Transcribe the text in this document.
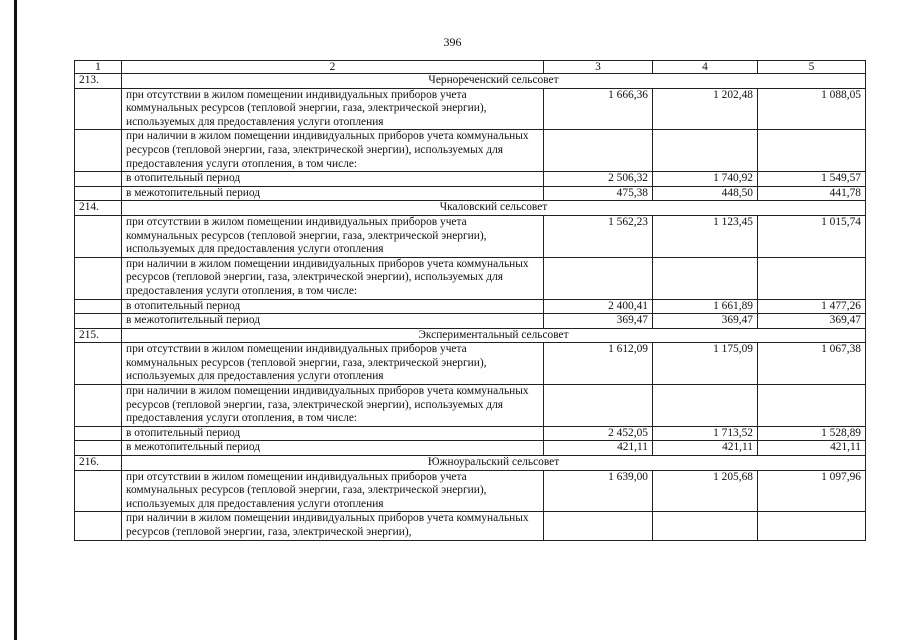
396
1	2	3	4	5
213.	Чернореченский сельсовет			
	при отсутствии в жилом помещении индивидуальных приборов учета коммунальных ресурсов (тепловой энергии, газа, электрической энергии), используемых для предоставления услуги отопления	1 666,36	1 202,48	1 088,05
	при наличии в жилом помещении индивидуальных приборов учета коммунальных ресурсов (тепловой энергии, газа, электрической энергии), используемых для предоставления услуги отопления, в том числе:			
	в отопительный период	2 506,32	1 740,92	1 549,57
	в межотопительный период	475,38	448,50	441,78
214.	Чкаловский сельсовет			
	при отсутствии в жилом помещении индивидуальных приборов учета коммунальных ресурсов (тепловой энергии, газа, электрической энергии), используемых для предоставления услуги отопления	1 562,23	1 123,45	1 015,74
	при наличии в жилом помещении индивидуальных приборов учета коммунальных ресурсов (тепловой энергии, газа, электрической энергии), используемых для предоставления услуги отопления, в том числе:			
	в отопительный период	2 400,41	1 661,89	1 477,26
	в межотопительный период	369,47	369,47	369,47
215.	Экспериментальный сельсовет			
	при отсутствии в жилом помещении индивидуальных приборов учета коммунальных ресурсов (тепловой энергии, газа, электрической энергии), используемых для предоставления услуги отопления	1 612,09	1 175,09	1 067,38
	при наличии в жилом помещении индивидуальных приборов учета коммунальных ресурсов (тепловой энергии, газа, электрической энергии), используемых для предоставления услуги отопления, в том числе:			
	в отопительный период	2 452,05	1 713,52	1 528,89
	в межотопительный период	421,11	421,11	421,11
216.	Южноуральский сельсовет			
	при отсутствии в жилом помещении индивидуальных приборов учета коммунальных ресурсов (тепловой энергии, газа, электрической энергии), используемых для предоставления услуги отопления	1 639,00	1 205,68	1 097,96
	при наличии в жилом помещении индивидуальных приборов учета коммунальных ресурсов (тепловой энергии, газа, электрической энергии),			
